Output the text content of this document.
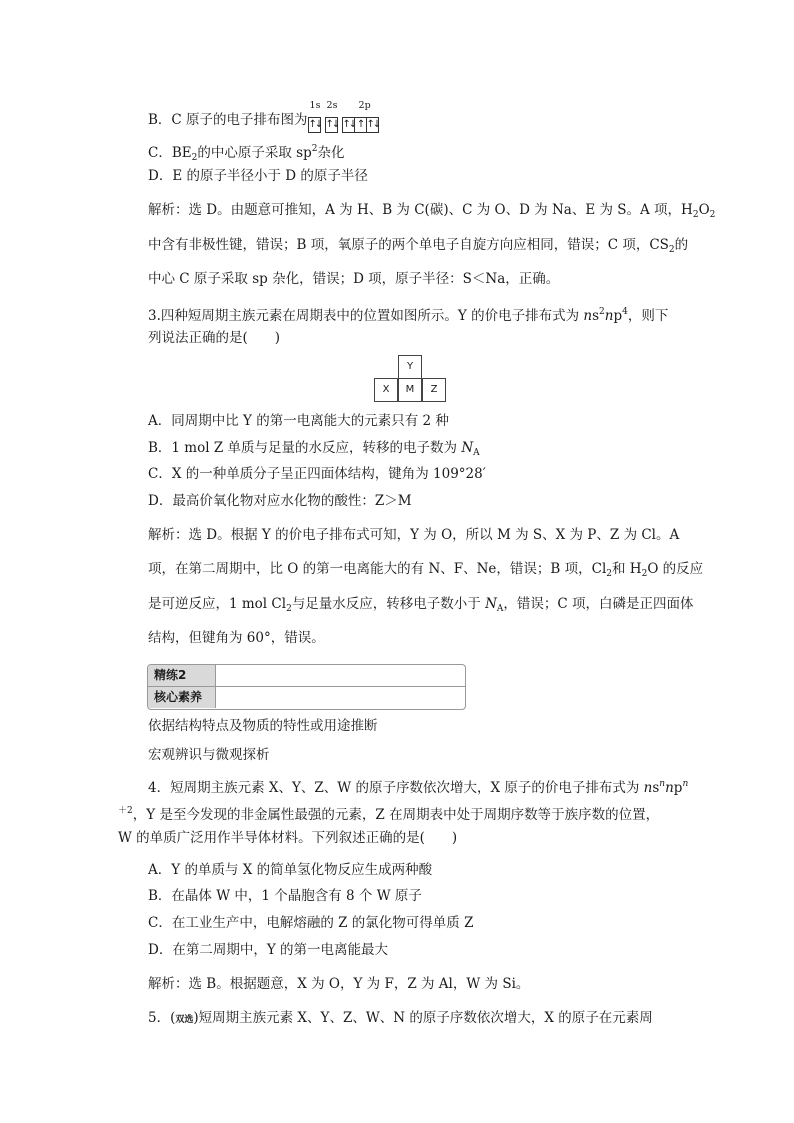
B．C 原子的电子排布图为
1s 2s 2p
↑↓ ↑↓ ↑↓ ↑ ↑↓
C．$BE_2$的中心原子采取 $sp^2$杂化
D．E 的原子半径小于 D 的原子半径
解析：选 D。由题意可推知，A 为 H、B 为 C(碳)、C 为 O、D 为 Na、E 为 S。A 项，$H_2O_2$
中含有非极性键，错误；B 项，氧原子的两个单电子自旋方向应相同，错误；C 项，$CS_2$的
中心 C 原子采取 sp 杂化，错误；D 项，原子半径：S＜Na，正确。
3.四种短周期主族元素在周期表中的位置如图所示。Y 的价电子排布式为 $ns^2np^4$，则下
列说法正确的是(　　)
Y
X	M	Z
A．同周期中比 Y 的第一电离能大的元素只有 2 种
B．1 mol Z 单质与足量的水反应，转移的电子数为 $N_A$
C．X 的一种单质分子呈正四面体结构，键角为 109°28′
D．最高价氧化物对应水化物的酸性：Z＞M
解析：选 D。根据 Y 的价电子排布式可知，Y 为 O，所以 M 为 S、X 为 P、Z 为 Cl。A
项，在第二周期中，比 O 的第一电离能大的有 N、F、Ne，错误；B 项，$Cl_2$和 $H_2O$ 的反应
是可逆反应，1 mol $Cl_2$与足量水反应，转移电子数小于 $N_A$，错误；C 项，白磷是正四面体
结构，但键角为 60°，错误。
精练2
核心素养
依据结构特点及物质的特性或用途推断
宏观辨识与微观探析
4．短周期主族元素 X、Y、Z、W 的原子序数依次增大，X 原子的价电子排布式为 $ns^nnp^n$
$^{+2}$，Y 是至今发现的非金属性最强的元素，Z 在周期表中处于周期序数等于族序数的位置，
W 的单质广泛用作半导体材料。下列叙述正确的是(　　)
A．Y 的单质与 X 的简单氢化物反应生成两种酸
B．在晶体 W 中，1 个晶胞含有 8 个 W 原子
C．在工业生产中，电解熔融的 Z 的氯化物可得单质 Z
D．在第二周期中，Y 的第一电离能最大
解析：选 B。根据题意，X 为 O，Y 为 F，Z 为 Al，W 为 Si。
5．(双选)短周期主族元素 X、Y、Z、W、N 的原子序数依次增大，X 的原子在元素周
